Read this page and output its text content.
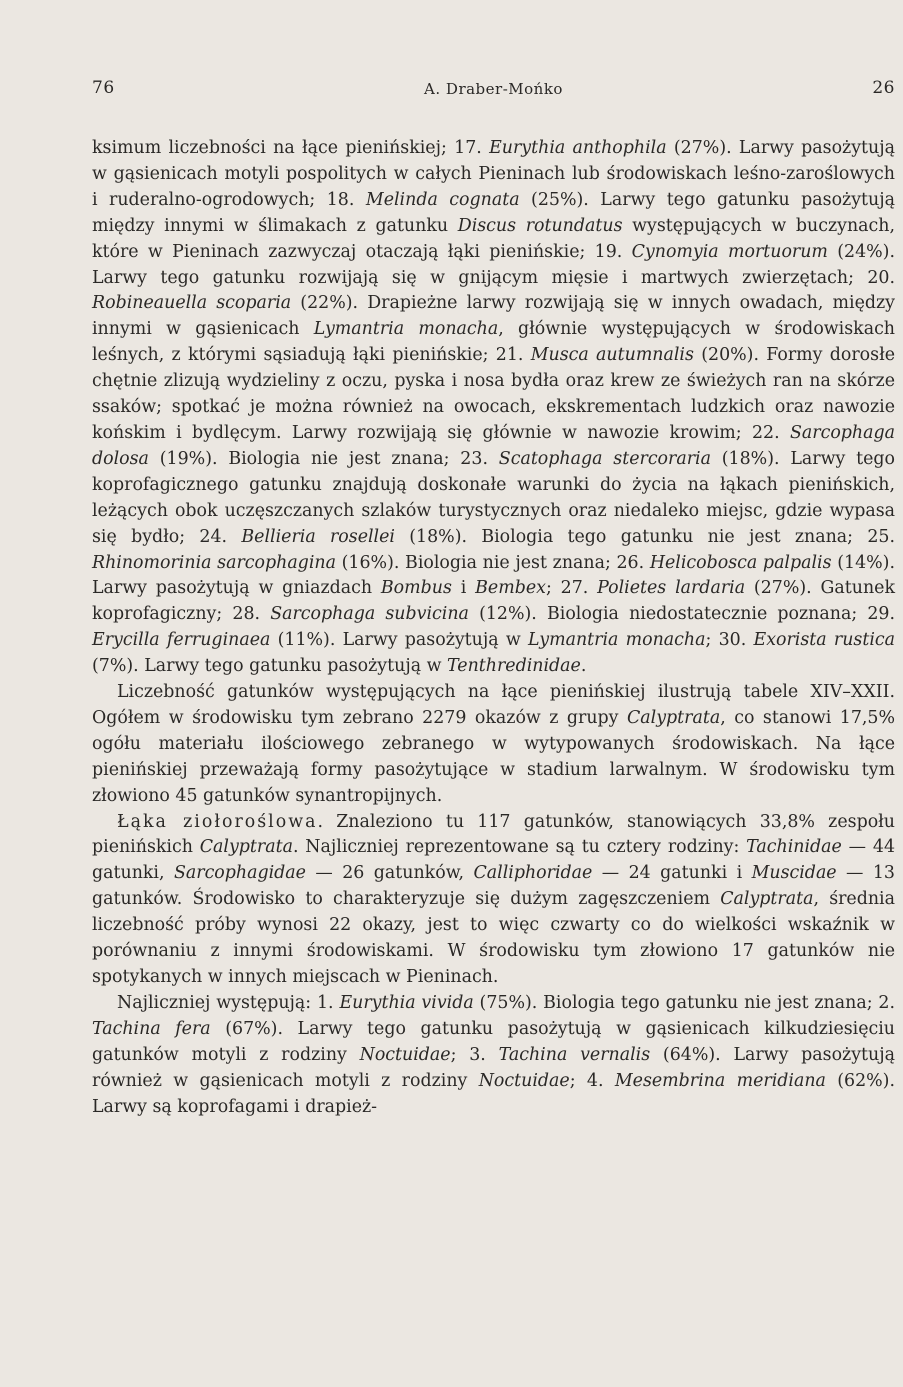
76	A. Draber-Mońko	26

ksimum liczebności na łące pienińskiej; 17. Eurythia anthophila (27%). Larwy pasożytują w gąsienicach motyli pospolitych w całych Pieninach lub środowiskach leśno-zaroślowych i ruderalno-ogrodowych; 18. Melinda cognata (25%). Larwy tego gatunku pasożytują między innymi w ślimakach z gatunku Discus rotundatus występujących w buczynach, które w Pieninach zazwyczaj otaczają łąki pienińskie; 19. Cynomyia mortuorum (24%). Larwy tego gatunku rozwijają się w gnijącym mięsie i martwych zwierzętach; 20. Robineauella scoparia (22%). Drapieżne larwy rozwijają się w innych owadach, między innymi w gąsienicach Lymantria monacha, głównie występujących w środowiskach leśnych, z którymi sąsiadują łąki pienińskie; 21. Musca autumnalis (20%). Formy dorosłe chętnie zlizują wydzieliny z oczu, pyska i nosa bydła oraz krew ze świeżych ran na skórze ssaków; spotkać je można również na owocach, ekskrementach ludzkich oraz nawozie końskim i bydlęcym. Larwy rozwijają się głównie w nawozie krowim; 22. Sarcophaga dolosa (19%). Biologia nie jest znana; 23. Scatophaga stercoraria (18%). Larwy tego koprofagicznego gatunku znajdują doskonałe warunki do życia na łąkach pienińskich, leżących obok uczęszczanych szlaków turystycznych oraz niedaleko miejsc, gdzie wypasa się bydło; 24. Bellieria rosellei (18%). Biologia tego gatunku nie jest znana; 25. Rhinomorinia sarcophagina (16%). Biologia nie jest znana; 26. Helicobosca palpalis (14%). Larwy pasożytują w gniazdach Bombus i Bembex; 27. Polietes lardaria (27%). Gatunek koprofagiczny; 28. Sarcophaga subvicina (12%). Biologia niedostatecznie poznana; 29. Erycilla ferruginaea (11%). Larwy pasożytują w Lymantria monacha; 30. Exorista rustica (7%). Larwy tego gatunku pasożytują w Tenthredinidae.

Liczebność gatunków występujących na łące pienińskiej ilustrują tabele XIV–XXII. Ogółem w środowisku tym zebrano 2279 okazów z grupy Calyptrata, co stanowi 17,5% ogółu materiału ilościowego zebranego w wytypowanych środowiskach. Na łące pienińskiej przeważają formy pasożytujące w stadium larwalnym. W środowisku tym złowiono 45 gatunków synantropijnych.

Łąka ziołoroślowa. Znaleziono tu 117 gatunków, stanowiących 33,8% zespołu pienińskich Calyptrata. Najliczniej reprezentowane są tu cztery rodziny: Tachinidae — 44 gatunki, Sarcophagidae — 26 gatunków, Calliphoridae — 24 gatunki i Muscidae — 13 gatunków. Środowisko to charakteryzuje się dużym zagęszczeniem Calyptrata, średnia liczebność próby wynosi 22 okazy, jest to więc czwarty co do wielkości wskaźnik w porównaniu z innymi środowiskami. W środowisku tym złowiono 17 gatunków nie spotykanych w innych miejscach w Pieninach.

Najliczniej występują: 1. Eurythia vivida (75%). Biologia tego gatunku nie jest znana; 2. Tachina fera (67%). Larwy tego gatunku pasożytują w gąsienicach kilkudziesięciu gatunków motyli z rodziny Noctuidae; 3. Tachina vernalis (64%). Larwy pasożytują również w gąsienicach motyli z rodziny Noctuidae; 4. Mesembrina meridiana (62%). Larwy są koprofagami i drapież-
